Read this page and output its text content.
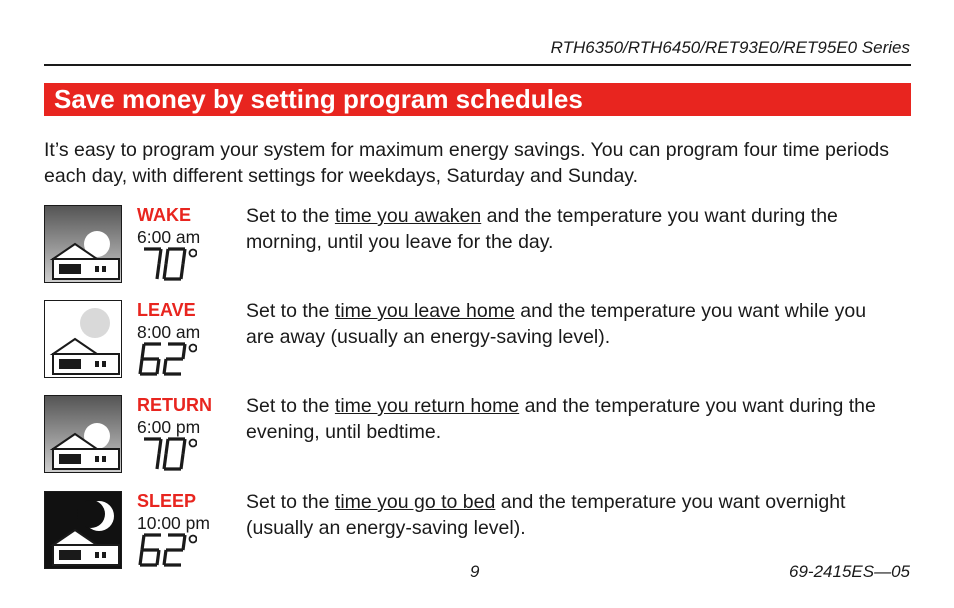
RTH6350/RTH6450/RET93E0/RET95E0 Series
Save money by setting program schedules
It’s easy to program your system for maximum energy savings. You can program four time periods each day, with different settings for weekdays, Saturday and Sunday.
WAKE
6:00 am
Set to the time you awaken and the temperature you want during the morning, until you leave for the day.
LEAVE
8:00 am
Set to the time you leave home and the temperature you want while you are away (usually an energy-saving level).
RETURN
6:00 pm
Set to the time you return home and the temperature you want during the evening, until bedtime.
SLEEP
10:00 pm
Set to the time you go to bed and the temperature you want overnight (usually an energy-saving level).
9	69-2415ES—05
